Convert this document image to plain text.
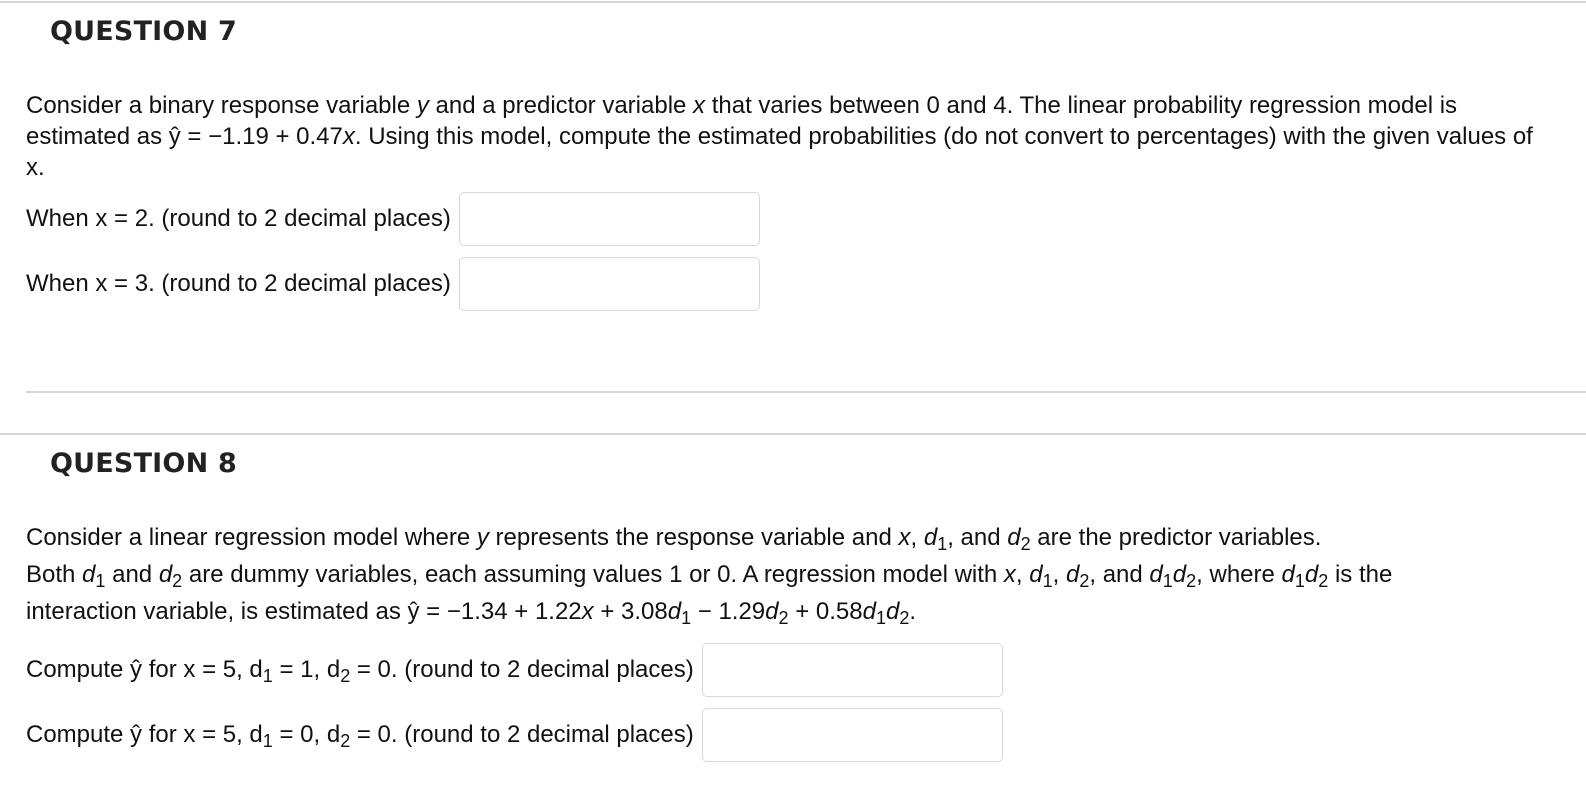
QUESTION 7

Consider a binary response variable y and a predictor variable x that varies between 0 and 4. The linear probability regression model is estimated as ŷ = −1.19 + 0.47x. Using this model, compute the estimated probabilities (do not convert to percentages) with the given values of x.

When x = 2. (round to 2 decimal places)
When x = 3. (round to 2 decimal places)
QUESTION 8

Consider a linear regression model where y represents the response variable and x, $d_1$, and $d_2$ are the predictor variables.
Both $d_1$ and $d_2$ are dummy variables, each assuming values 1 or 0. A regression model with x, $d_1$, $d_2$, and $d_1d_2$, where $d_1d_2$ is the
interaction variable, is estimated as ŷ = $-1.34 + 1.22x + 3.08d_1 - 1.29d_2 + 0.58d_1d_2$.

Compute ŷ for x = 5, $d_1 = 1$, $d_2 = 0$. (round to 2 decimal places)
Compute ŷ for x = 5, $d_1 = 0$, $d_2 = 0$. (round to 2 decimal places)
